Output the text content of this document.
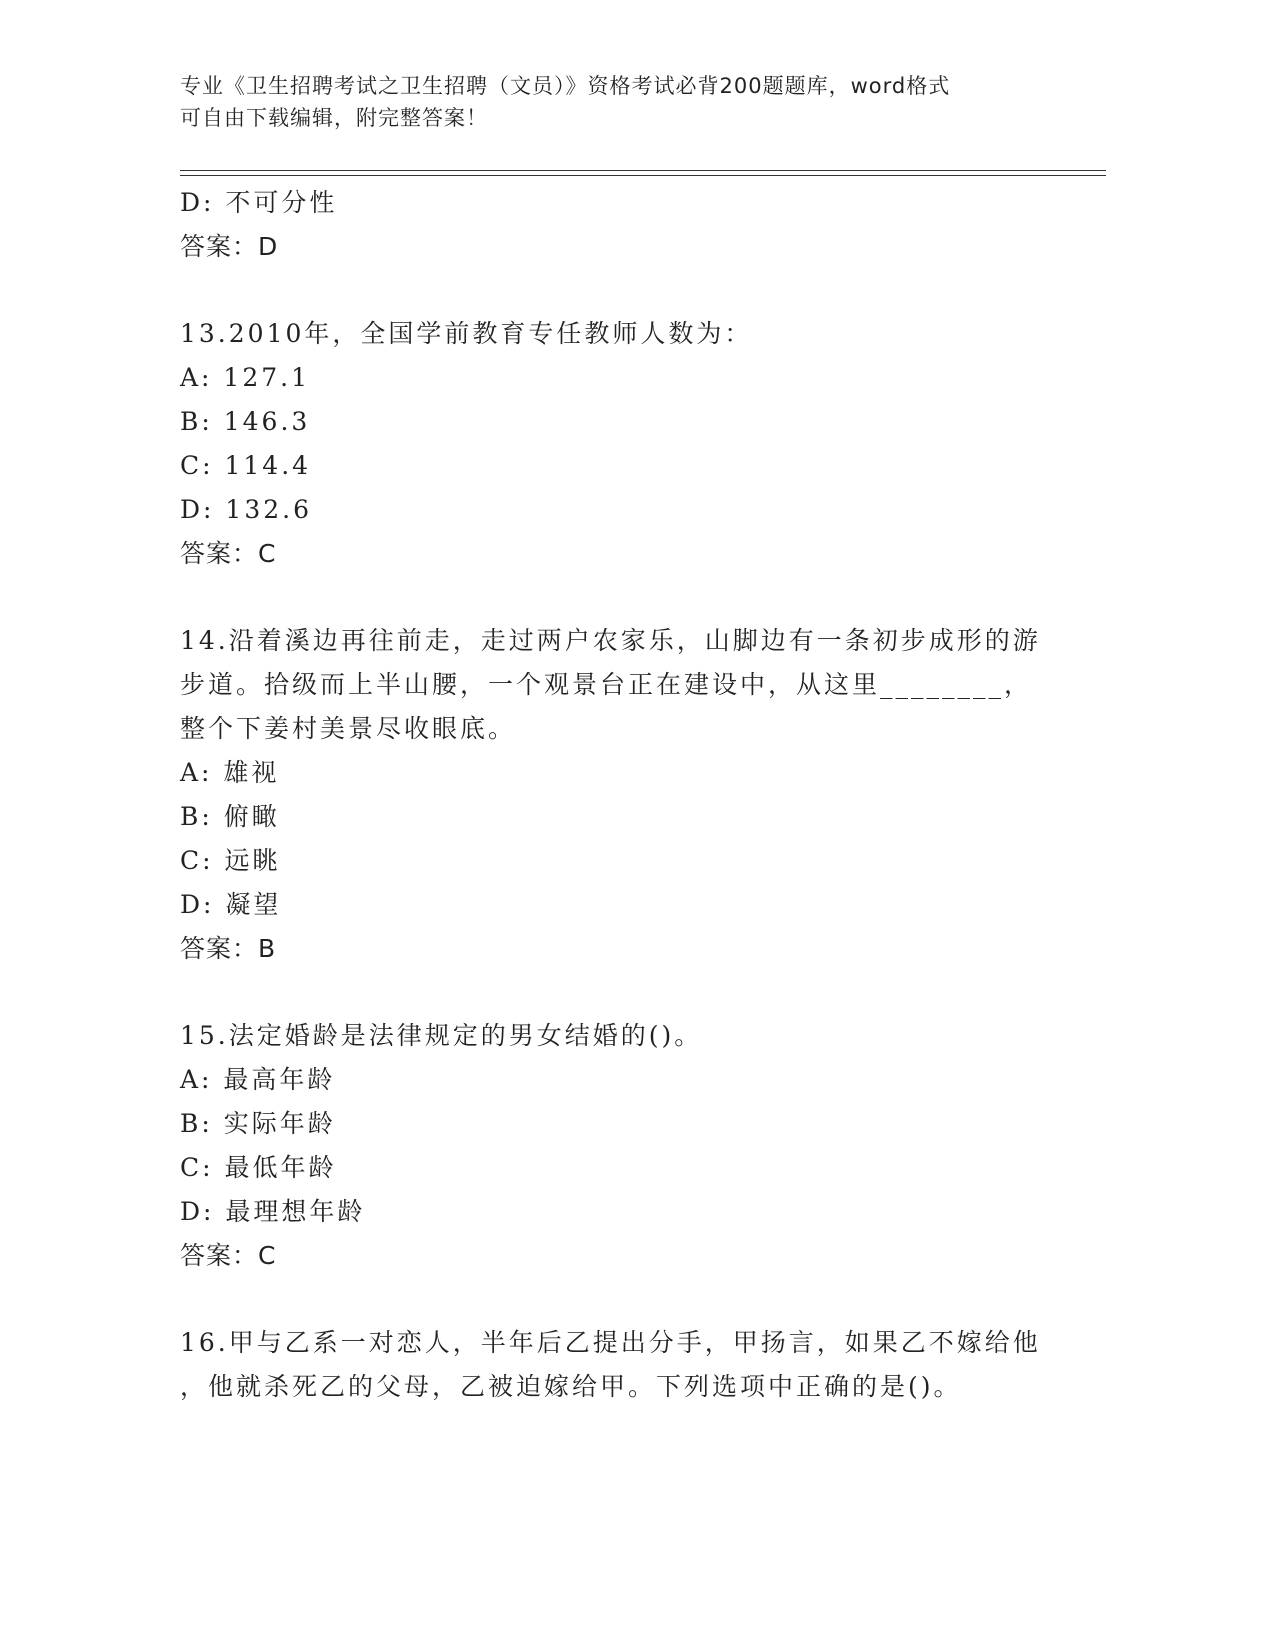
专业《卫生招聘考试之卫生招聘（文员）》资格考试必背200题题库，word格式
可自由下载编辑，附完整答案！
D: 不可分性
答案：D
13.2010年，全国学前教育专任教师人数为：
A: 127.1
B: 146.3
C: 114.4
D: 132.6
答案：C
14.沿着溪边再往前走，走过两户农家乐，山脚边有一条初步成形的游
步道。拾级而上半山腰，一个观景台正在建设中，从这里________，
整个下姜村美景尽收眼底。
A: 雄视
B: 俯瞰
C: 远眺
D: 凝望
答案：B
15.法定婚龄是法律规定的男女结婚的()。
A: 最高年龄
B: 实际年龄
C: 最低年龄
D: 最理想年龄
答案：C
16.甲与乙系一对恋人，半年后乙提出分手，甲扬言，如果乙不嫁给他
，他就杀死乙的父母，乙被迫嫁给甲。下列选项中正确的是()。
